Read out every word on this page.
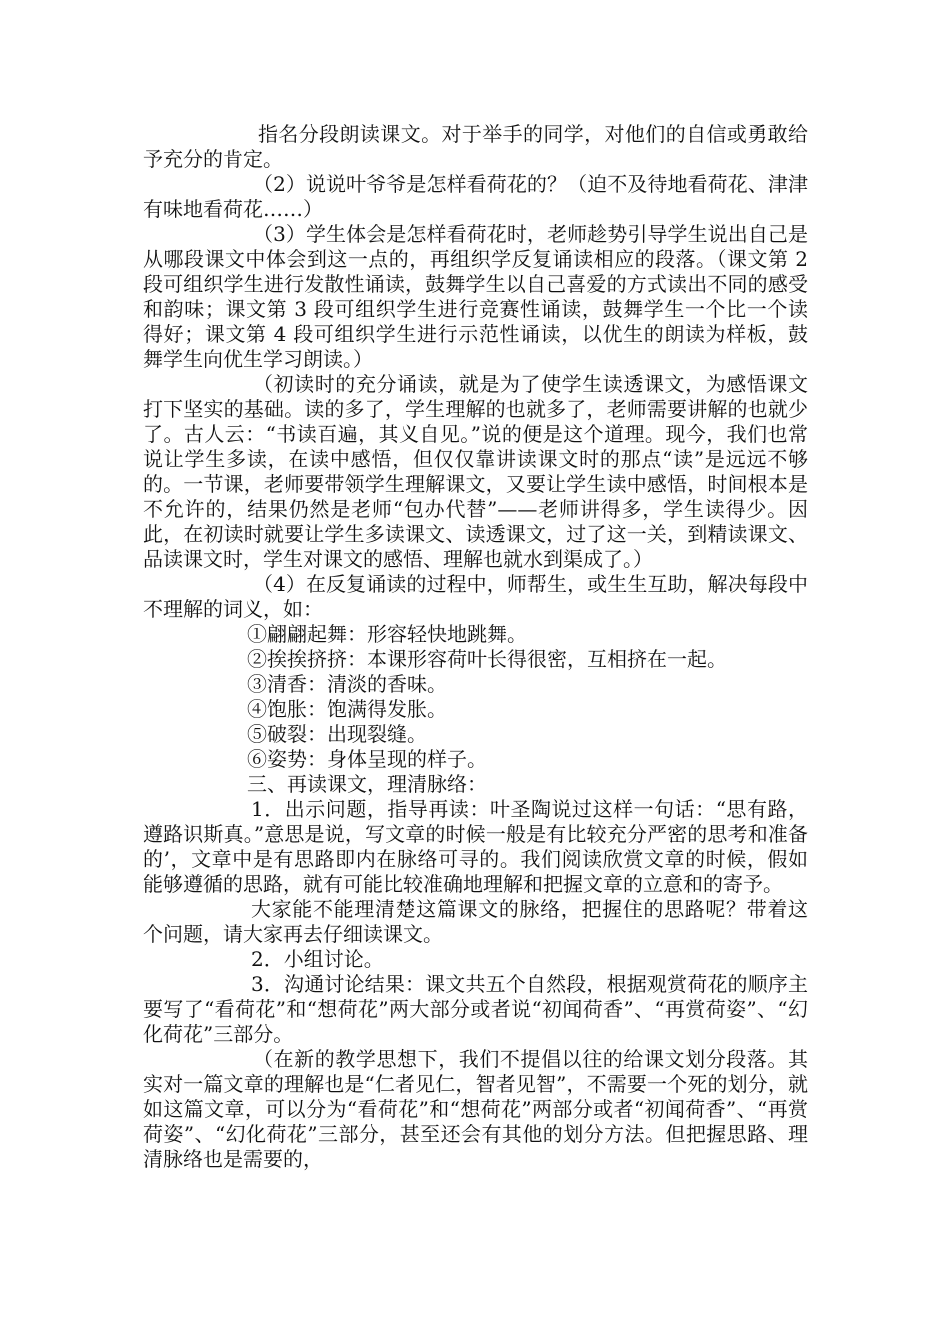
指名分段朗读课文。对于举手的同学，对他们的自信或勇敢给予充分的肯定。

（2）说说叶爷爷是怎样看荷花的？（迫不及待地看荷花、津津有味地看荷花……）

（3）学生体会是怎样看荷花时，老师趁势引导学生说出自己是从哪段课文中体会到这一点的，再组织学反复诵读相应的段落。（课文第 2 段可组织学生进行发散性诵读，鼓舞学生以自己喜爱的方式读出不同的感受和韵味；课文第 3 段可组织学生进行竞赛性诵读，鼓舞学生一个比一个读得好；课文第 4 段可组织学生进行示范性诵读，以优生的朗读为样板，鼓舞学生向优生学习朗读。）

（初读时的充分诵读，就是为了使学生读透课文，为感悟课文打下坚实的基础。读的多了，学生理解的也就多了，老师需要讲解的也就少了。古人云：“书读百遍，其义自见。”说的便是这个道理。现今，我们也常说让学生多读，在读中感悟，但仅仅靠讲读课文时的那点“读”是远远不够的。一节课，老师要带领学生理解课文，又要让学生读中感悟，时间根本是不允许的，结果仍然是老师“包办代替”——老师讲得多，学生读得少。因此，在初读时就要让学生多读课文、读透课文，过了这一关，到精读课文、品读课文时，学生对课文的感悟、理解也就水到渠成了。）

（4）在反复诵读的过程中，师帮生，或生生互助，解决每段中不理解的词义，如：

①翩翩起舞：形容轻快地跳舞。

②挨挨挤挤：本课形容荷叶长得很密，互相挤在一起。

③清香：清淡的香味。

④饱胀：饱满得发胀。

⑤破裂：出现裂缝。

⑥姿势：身体呈现的样子。

三、再读课文，理清脉络：

1．出示问题，指导再读：叶圣陶说过这样一句话：“思有路，遵路识斯真。”意思是说，写文章的时候一般是有比较充分严密的思考和准备的’，文章中是有思路即内在脉络可寻的。我们阅读欣赏文章的时候，假如能够遵循的思路，就有可能比较准确地理解和把握文章的立意和的寄予。

大家能不能理清楚这篇课文的脉络，把握住的思路呢？带着这个问题，请大家再去仔细读课文。

2．小组讨论。

3．沟通讨论结果：课文共五个自然段，根据观赏荷花的顺序主要写了“看荷花”和“想荷花”两大部分或者说“初闻荷香”、“再赏荷姿”、“幻化荷花”三部分。

（在新的教学思想下，我们不提倡以往的给课文划分段落。其实对一篇文章的理解也是“仁者见仁，智者见智”，不需要一个死的划分，就如这篇文章，可以分为“看荷花”和“想荷花”两部分或者“初闻荷香”、“再赏荷姿”、“幻化荷花”三部分，甚至还会有其他的划分方法。但把握思路、理清脉络也是需要的，
